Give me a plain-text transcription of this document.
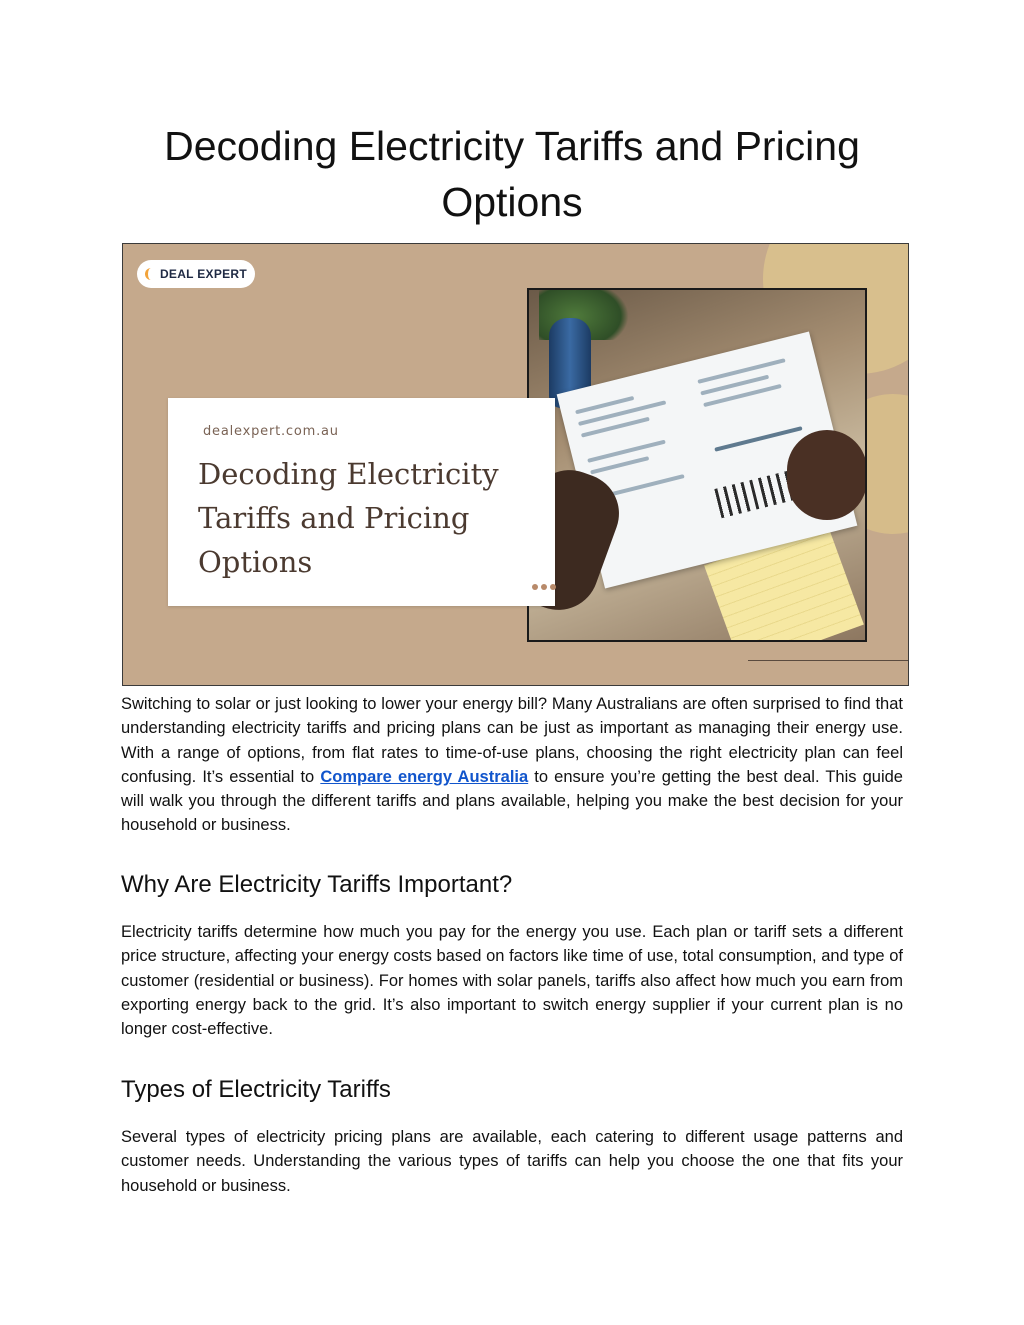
Decoding Electricity Tariffs and Pricing Options
DEAL EXPERT
dealexpert.com.au
Decoding Electricity Tariffs and Pricing Options

Switching to solar or just looking to lower your energy bill? Many Australians are often surprised to find that understanding electricity tariffs and pricing plans can be just as important as managing their energy use. With a range of options, from flat rates to time-of-use plans, choosing the right electricity plan can feel confusing. It’s essential to Compare energy Australia to ensure you’re getting the best deal. This guide will walk you through the different tariffs and plans available, helping you make the best decision for your household or business.

Why Are Electricity Tariffs Important?

Electricity tariffs determine how much you pay for the energy you use. Each plan or tariff sets a different price structure, affecting your energy costs based on factors like time of use, total consumption, and type of customer (residential or business). For homes with solar panels, tariffs also affect how much you earn from exporting energy back to the grid. It’s also important to switch energy supplier if your current plan is no longer cost-effective.

Types of Electricity Tariffs

Several types of electricity pricing plans are available, each catering to different usage patterns and customer needs. Understanding the various types of tariffs can help you choose the one that fits your household or business.
